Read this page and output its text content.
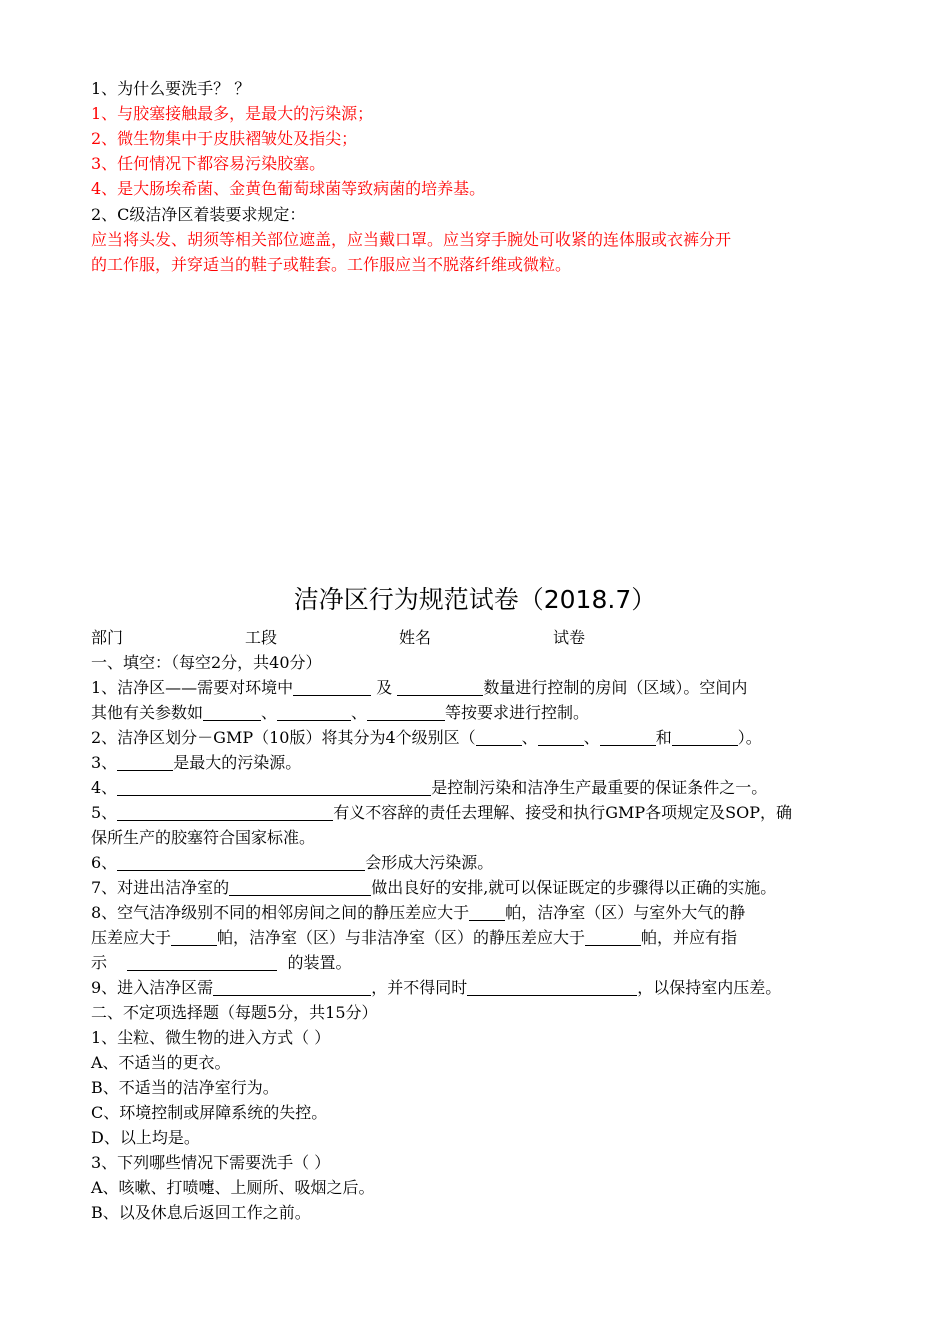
1、为什么要洗手？ ？
1、与胶塞接触最多，是最大的污染源；
2、微生物集中于皮肤褶皱处及指尖；
3、任何情况下都容易污染胶塞。
4、是大肠埃希菌、金黄色葡萄球菌等致病菌的培养基。
2、C级洁净区着装要求规定：
应当将头发、胡须等相关部位遮盖，应当戴口罩。应当穿手腕处可收紧的连体服或衣裤分开
的工作服，并穿适当的鞋子或鞋套。工作服应当不脱落纤维或微粒。
洁净区行为规范试卷（2018.7）
部门	工段	姓名	试卷
一、填空：（每空2分，共40分）
1、洁净区——需要对环境中	及	数量进行控制的房间（区域）。空间内
其他有关参数如	、	、	等按要求进行控制。
2、洁净区划分－GMP（10版）将其分为4个级别区（	、	、	和	）。
3、	是最大的污染源。
4、	是控制污染和洁净生产最重要的保证条件之一。
5、	有义不容辞的责任去理解、接受和执行GMP各项规定及SOP，确
保所生产的胶塞符合国家标准。
6、	会形成大污染源。
7、对进出洁净室的	做出良好的安排,就可以保证既定的步骤得以正确的实施。
8、空气洁净级别不同的相邻房间之间的静压差应大于 帕，洁净室（区）与室外大气的静
压差应大于	帕，洁净室（区）与非洁净室（区）的静压差应大于	帕，并应有指
示	的装置。
9、进入洁净区需	，并不得同时	，以保持室内压差。
二、不定项选择题（每题5分，共15分）
1、尘粒、微生物的进入方式（ ）
A、不适当的更衣。
B、不适当的洁净室行为。
C、环境控制或屏障系统的失控。
D、以上均是。
3、下列哪些情况下需要洗手（ ）
A、咳嗽、打喷嚏、上厕所、吸烟之后。
B、以及休息后返回工作之前。
